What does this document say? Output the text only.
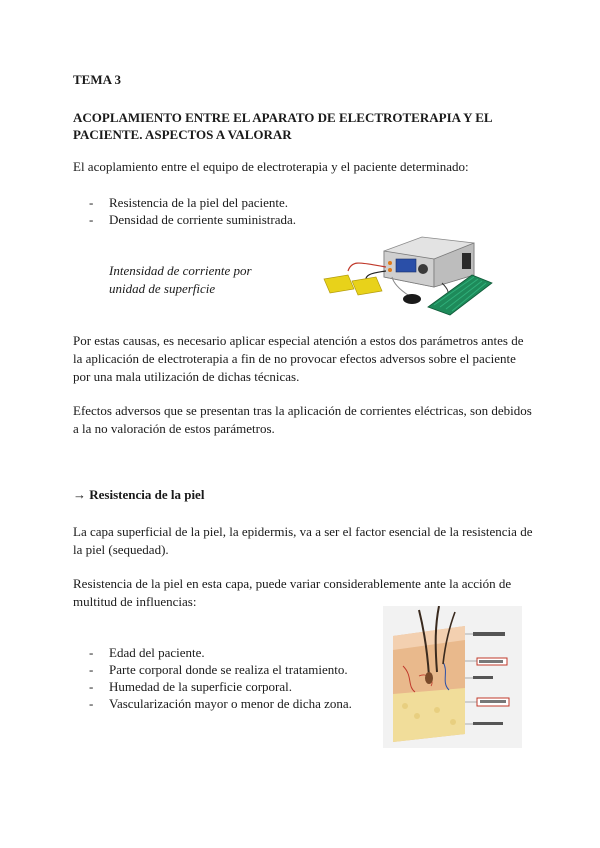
TEMA 3
ACOPLAMIENTO ENTRE EL APARATO DE ELECTROTERAPIA Y EL PACIENTE. ASPECTOS A VALORAR
El acoplamiento entre el equipo de electroterapia y el paciente determinado:
- Resistencia de la piel del paciente.
- Densidad de corriente suministrada.
Intensidad de corriente por
unidad de superficie
Por estas causas, es necesario aplicar especial atención a estos dos parámetros antes de la aplicación de electroterapia a fin de no provocar efectos adversos sobre el paciente por una mala utilización de dichas técnicas.
Efectos adversos que se presentan tras la aplicación de corrientes eléctricas, son debidos a la no valoración de estos parámetros.
→ Resistencia de la piel
La capa superficial de la piel, la epidermis, va a ser el factor esencial de la resistencia de la piel (sequedad).
Resistencia de la piel en esta capa, puede variar considerablemente ante la acción de multitud de influencias:
- Edad del paciente.
- Parte corporal donde se realiza el tratamiento.
- Humedad de la superficie corporal.
- Vascularización mayor o menor de dicha zona.
